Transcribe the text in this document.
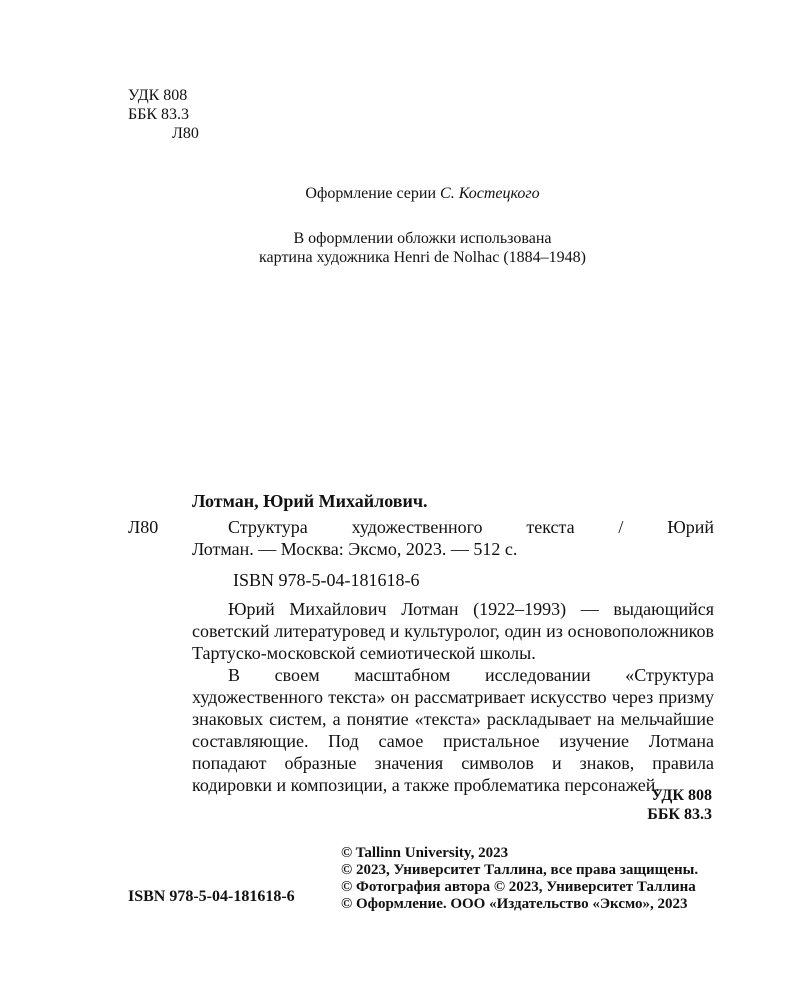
УДК 808
ББК 83.3
Л80
Оформление серии С. Костецкого
В оформлении обложки использована
картина художника Henri de Nolhac (1884–1948)
Лотман, Юрий Михайлович.
Л80	Структура художественного текста / Юрий
Лотман. — Москва: Эксмо, 2023. — 512 с.
ISBN 978-5-04-181618-6

Юрий Михайлович Лотман (1922–1993) — выдающийся советский литературовед и культуролог, один из основоположников Тартуско-московской семиотической школы.

В своем масштабном исследовании «Структура художественного текста» он рассматривает искусство через призму знаковых систем, а понятие «текста» раскладывает на мельчайшие составляющие. Под самое пристальное изучение Лотмана попадают образные значения символов и знаков, правила кодировки и композиции, а также проблематика персонажей.

УДК 808
ББК 83.3
ISBN 978-5-04-181618-6
© Tallinn University, 2023
© 2023, Университет Таллина, все права защищены.
© Фотография автора © 2023, Университет Таллина
© Оформление. ООО «Издательство «Эксмо», 2023
